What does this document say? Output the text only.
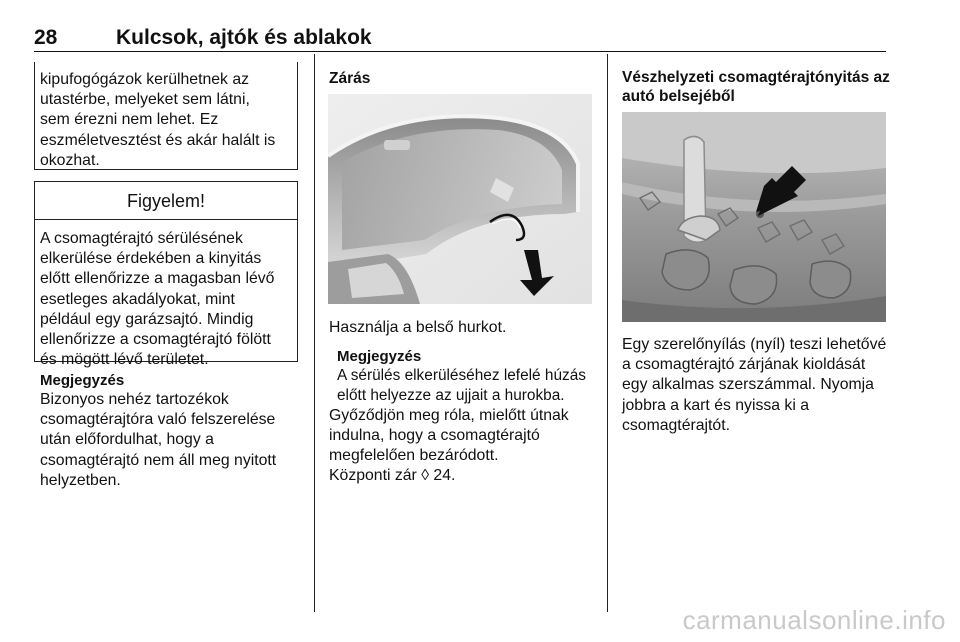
28	Kulcsok, ajtók és ablakok
kipufogógázok kerülhetnek az
utastérbe, melyeket sem látni,
sem érezni nem lehet. Ez
eszméletvesztést és akár halált is
okozhat.
Figyelem!
A csomagtérajtó sérülésének
elkerülése érdekében a kinyitás
előtt ellenőrizze a magasban lévő
esetleges akadályokat, mint
például egy garázsajtó. Mindig
ellenőrizze a csomagtérajtó fölött
és mögött lévő területet.
Megjegyzés
Bizonyos nehéz tartozékok
csomagtérajtóra való felszerelése
után előfordulhat, hogy a
csomagtérajtó nem áll meg nyitott
helyzetben.
Zárás
Használja a belső hurkot.
Megjegyzés
A sérülés elkerüléséhez lefelé húzás
előtt helyezze az ujjait a hurokba.
Győződjön meg róla, mielőtt útnak
indulna, hogy a csomagtérajtó
megfelelően bezáródott.
Központi zár ◊ 24.
Vészhelyzeti csomagtérajtónyitás az
autó belsejéből
Egy szerelőnyílás (nyíl) teszi lehetővé
a csomagtérajtó zárjának kioldását
egy alkalmas szerszámmal. Nyomja
jobbra a kart és nyissa ki a
csomagtérajtót.
carmanualsonline.info
